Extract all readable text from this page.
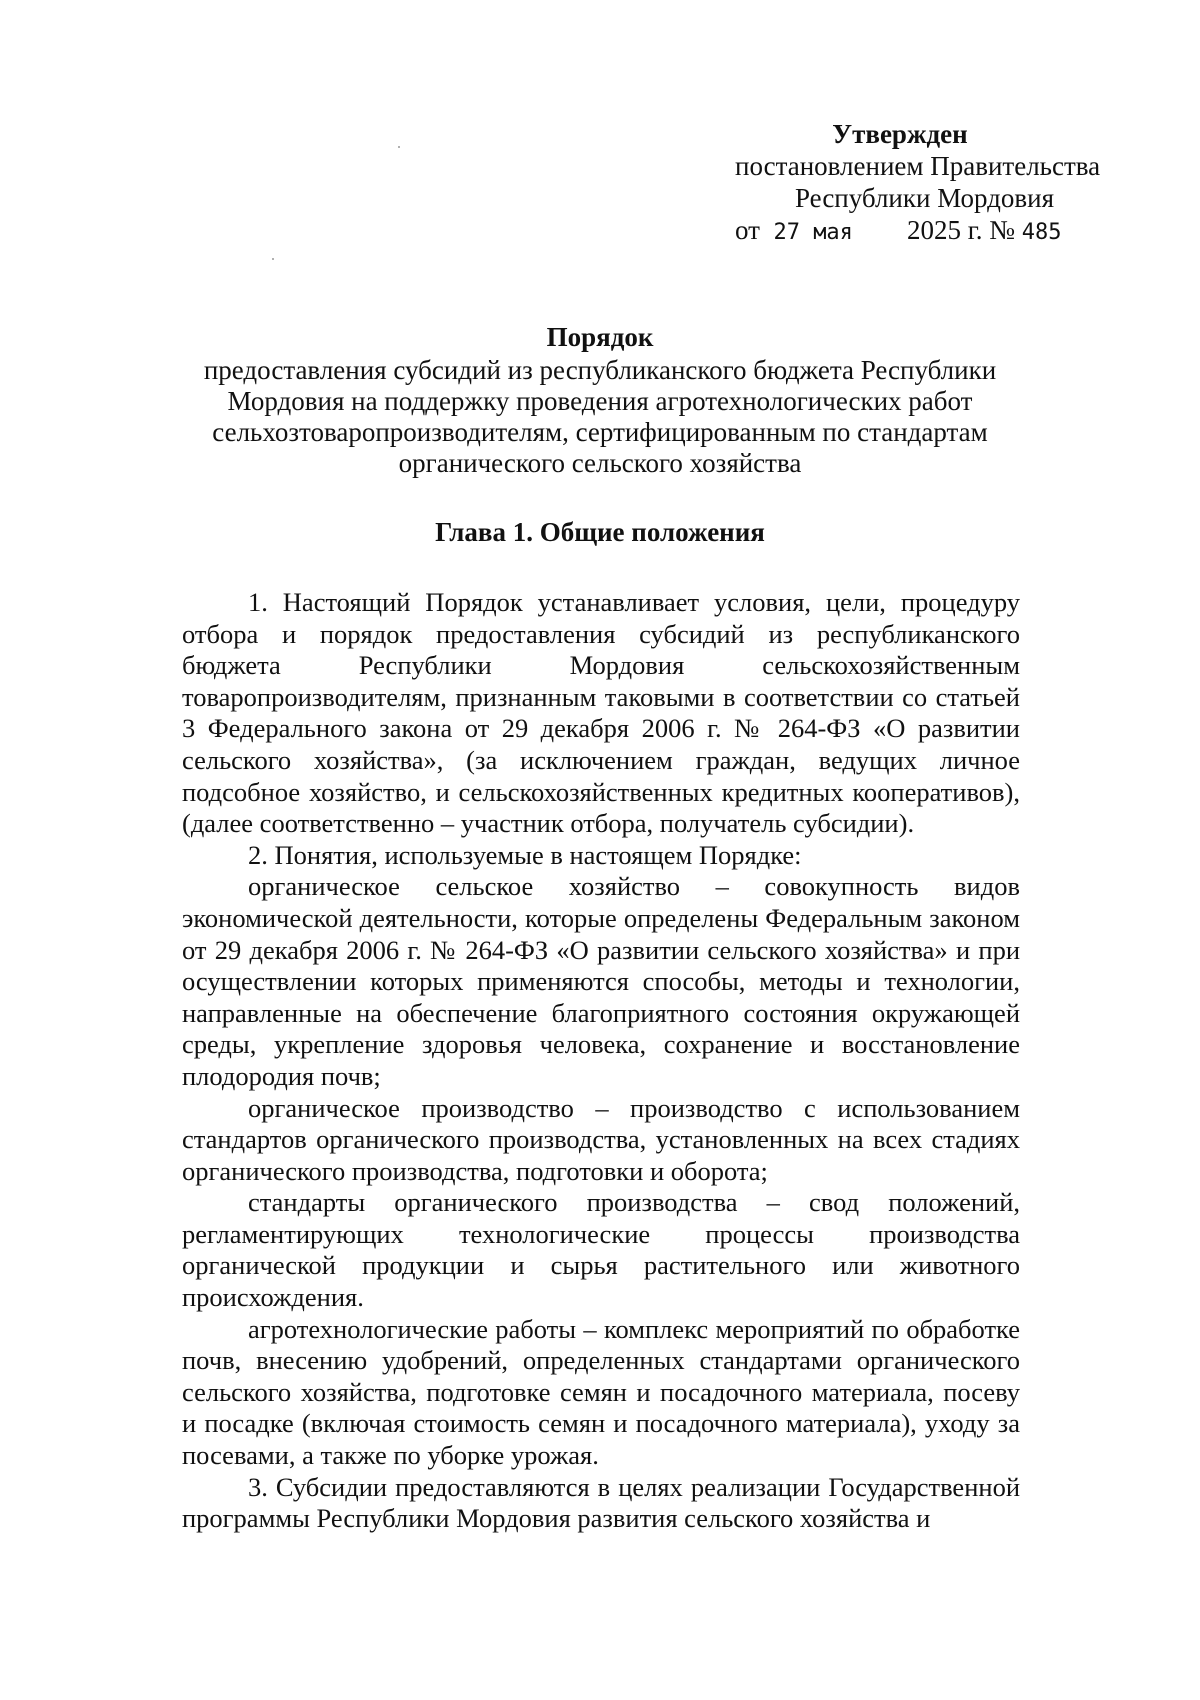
Утвержден
постановлением Правительства
Республики Мордовия
от 27 мая 2025 г. № 485
Порядок
предоставления субсидий из республиканского бюджета Республики
Мордовия на поддержку проведения агротехнологических работ
сельхозтоваропроизводителям, сертифицированным по стандартам
органического сельского хозяйства
Глава 1. Общие положения

1. Настоящий Порядок устанавливает условия, цели, процедуру отбора и порядок предоставления субсидий из республиканского бюджета Республики Мордовия сельскохозяйственным товаропроизводителям, признанным таковыми в соответствии со статьей 3 Федерального закона от 29 декабря 2006 г. № 264-ФЗ «О развитии сельского хозяйства», (за исключением граждан, ведущих личное подсобное хозяйство, и сельскохозяйственных кредитных кооперативов), (далее соответственно – участник отбора, получатель субсидии).

2. Понятия, используемые в настоящем Порядке:

органическое сельское хозяйство – совокупность видов экономической деятельности, которые определены Федеральным законом от 29 декабря 2006 г. № 264-ФЗ «О развитии сельского хозяйства» и при осуществлении которых применяются способы, методы и технологии, направленные на обеспечение благоприятного состояния окружающей среды, укрепление здоровья человека, сохранение и восстановление плодородия почв;

органическое производство – производство с использованием стандартов органического производства, установленных на всех стадиях органического производства, подготовки и оборота;

стандарты органического производства – свод положений, регламентирующих технологические процессы производства органической продукции и сырья растительного или животного происхождения.

агротехнологические работы – комплекс мероприятий по обработке почв, внесению удобрений, определенных стандартами органического сельского хозяйства, подготовке семян и посадочного материала, посеву и посадке (включая стоимость семян и посадочного материала), уходу за посевами, а также по уборке урожая.

3. Субсидии предоставляются в целях реализации Государственной программы Республики Мордовия развития сельского хозяйства и
